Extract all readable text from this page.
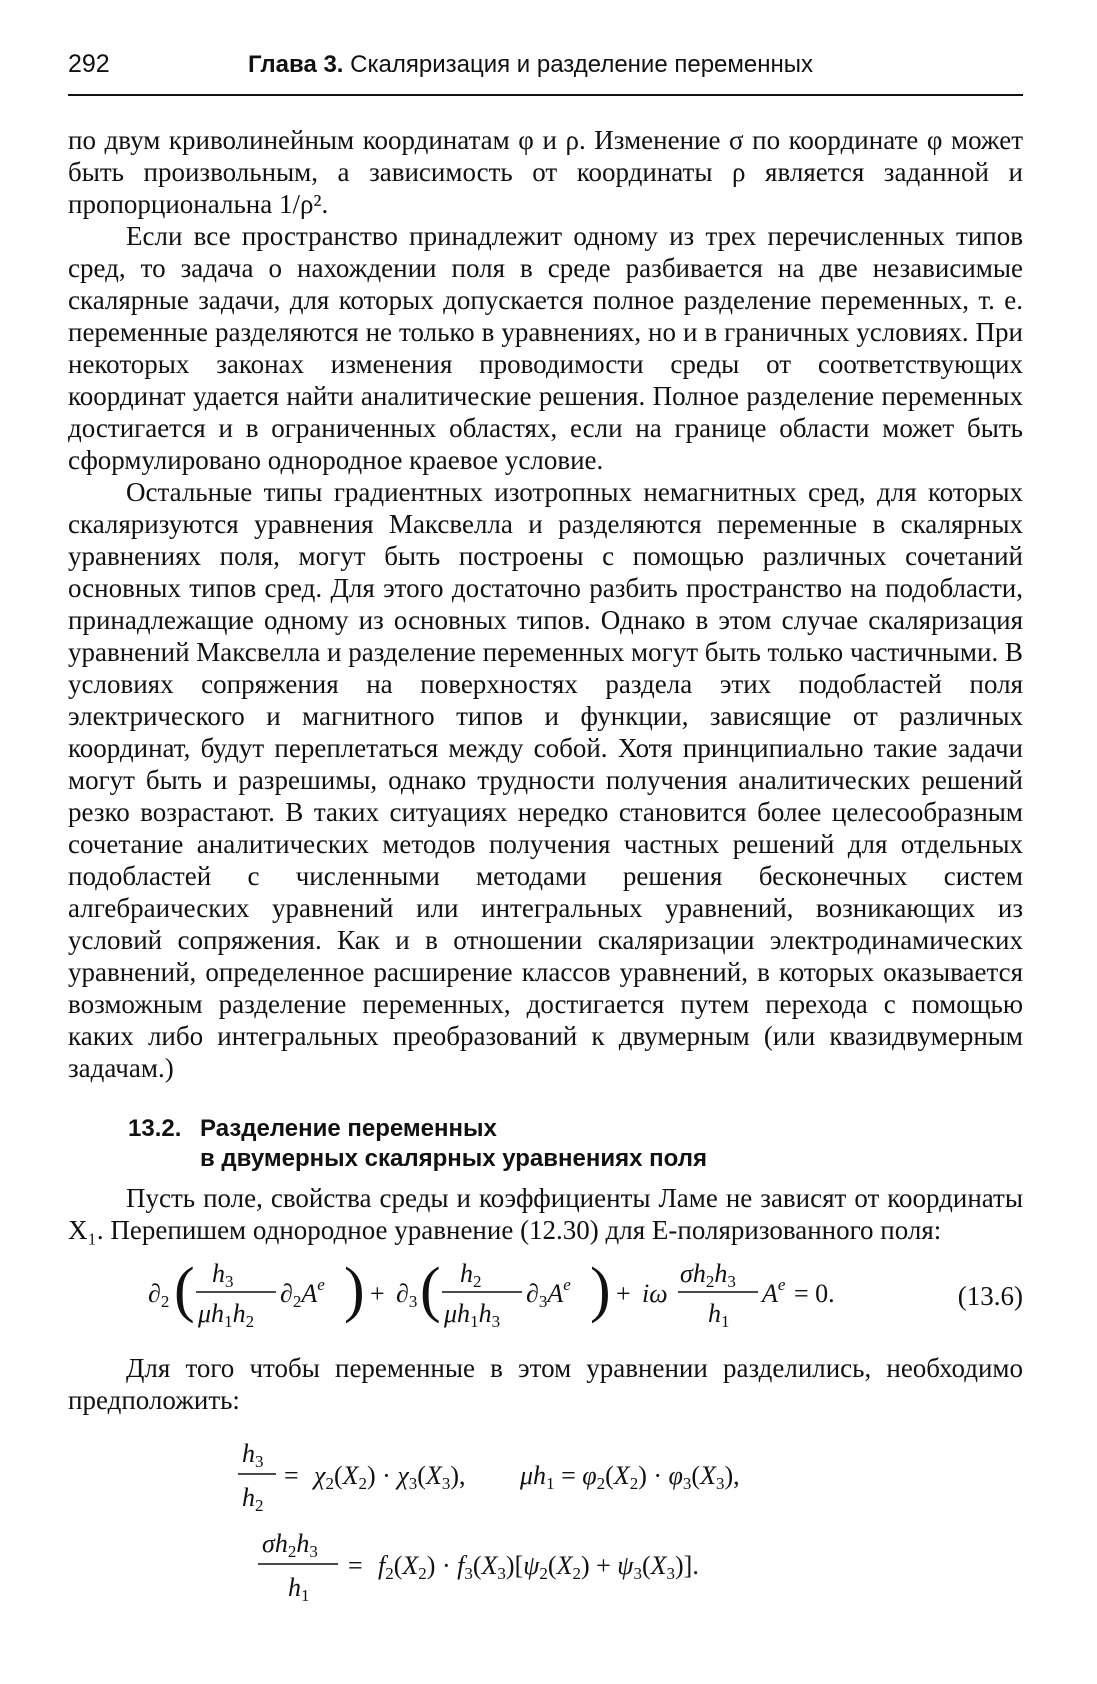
292	Глава 3. Скаляризация и разделение переменных

по двум криволинейным координатам φ и ρ. Изменение σ по координате φ может быть произвольным, а зависимость от координаты ρ является заданной и пропорциональна 1/ρ².

Если все пространство принадлежит одному из трех перечисленных типов сред, то задача о нахождении поля в среде разбивается на две независимые скалярные задачи, для которых допускается полное разделение переменных, т. е. переменные разделяются не только в уравнениях, но и в граничных условиях. При некоторых законах изменения проводимости среды от соответствующих координат удается найти аналитические решения. Полное разделение переменных достигается и в ограниченных областях, если на границе области может быть сформулировано однородное краевое условие.

Остальные типы градиентных изотропных немагнитных сред, для которых скаляризуются уравнения Максвелла и разделяются переменные в скалярных уравнениях поля, могут быть построены с помощью различных сочетаний основных типов сред. Для этого достаточно разбить пространство на подобласти, принадлежащие одному из основных типов. Однако в этом случае скаляризация уравнений Максвелла и разделение переменных могут быть только частичными. В условиях сопряжения на поверхностях раздела этих подобластей поля электрического и магнитного типов и функции, зависящие от различных координат, будут переплетаться между собой. Хотя принципиально такие задачи могут быть и разрешимы, однако трудности получения аналитических решений резко возрастают. В таких ситуациях нередко становится более целесообразным сочетание аналитических методов получения частных решений для отдельных подобластей с численными методами решения бесконечных систем алгебраических уравнений или интегральных уравнений, возникающих из условий сопряжения. Как и в отношении скаляризации электродинамических уравнений, определенное расширение классов уравнений, в которых оказывается возможным разделение переменных, достигается путем перехода с помощью каких либо интегральных преобразований к двумерным (или квазидвумерным задачам.)

13.2. Разделение переменных
в двумерных скалярных уравнениях поля

Пусть поле, свойства среды и коэффициенты Ламе не зависят от координаты X₁. Перепишем однородное уравнение (12.30) для E-поляризованного поля:

∂2 ( h3
μh1h2
$\partial 2A^e$ ) + ∂3 ( h2
μh1h3
$\partial 3A^e$ ) + iω
σh2h3
h1
$A^e = 0$.	(13.6)

Для того чтобы переменные в этом уравнении разделились, необходимо предположить:

h3
h2
= χ2(X2) · χ3(X3), μh1 = φ2(X2) · φ3(X3),
σh2h3
h1
= f2(X2) · f3(X3)[ψ2(X2) + ψ3(X3)].
